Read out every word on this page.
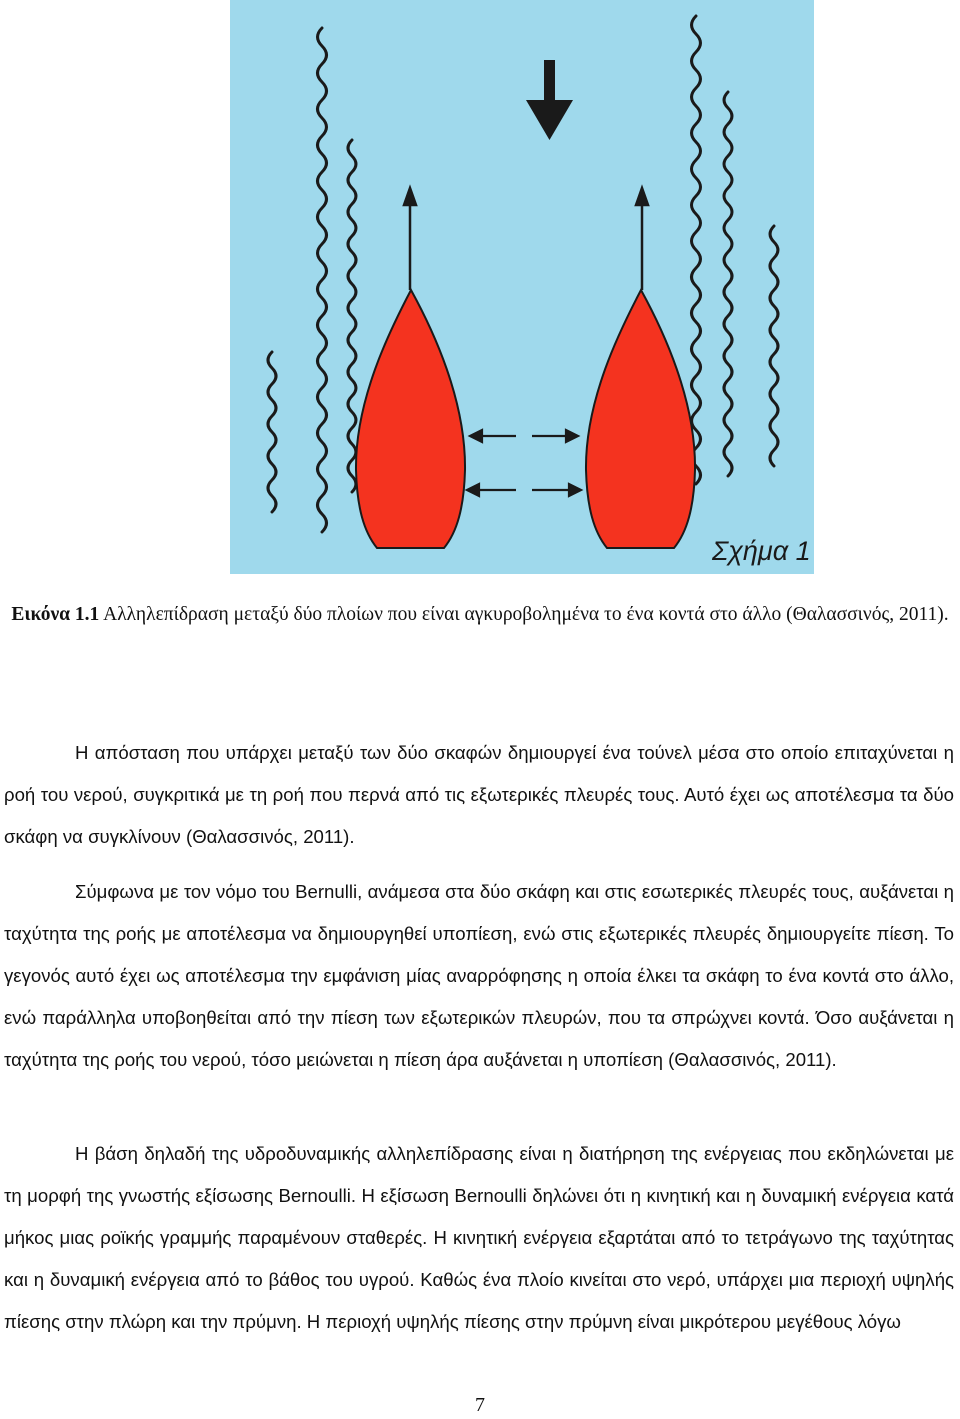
Σχήμα 1
Εικόνα 1.1 Αλληλεπίδραση μεταξύ δύο πλοίων που είναι αγκυροβολημένα το ένα κοντά στο άλλο (Θαλασσινός, 2011).

Η απόσταση που υπάρχει μεταξύ των δύο σκαφών δημιουργεί ένα τούνελ μέσα στο οποίο επιταχύνεται η ροή του νερού, συγκριτικά με τη ροή που περνά από τις εξωτερικές πλευρές τους. Αυτό έχει ως αποτέλεσμα τα δύο σκάφη να συγκλίνουν (Θαλασσινός, 2011).

Σύμφωνα με τον νόμο του Bernulli, ανάμεσα στα δύο σκάφη και στις εσωτερικές πλευρές τους, αυξάνεται η ταχύτητα της ροής με αποτέλεσμα να δημιουργηθεί υποπίεση, ενώ στις εξωτερικές πλευρές δημιουργείτε πίεση. Το γεγονός αυτό έχει ως αποτέλεσμα την εμφάνιση μίας αναρρόφησης η οποία έλκει τα σκάφη το ένα κοντά στο άλλο, ενώ παράλληλα υποβοηθείται από την πίεση των εξωτερικών πλευρών, που τα σπρώχνει κοντά. Όσο αυξάνεται η ταχύτητα της ροής του νερού, τόσο μειώνεται η πίεση άρα αυξάνεται η υποπίεση (Θαλασσινός, 2011).

Η βάση δηλαδή της υδροδυναμικής αλληλεπίδρασης είναι η διατήρηση της ενέργειας που εκδηλώνεται με τη μορφή της γνωστής εξίσωσης Bernoulli. Η εξίσωση Bernoulli δηλώνει ότι η κινητική και η δυναμική ενέργεια κατά μήκος μιας ροϊκής γραμμής παραμένουν σταθερές. Η κινητική ενέργεια εξαρτάται από το τετράγωνο της ταχύτητας και η δυναμική ενέργεια από το βάθος του υγρού. Καθώς ένα πλοίο κινείται στο νερό, υπάρχει μια περιοχή υψηλής πίεσης στην πλώρη και την πρύμνη. Η περιοχή υψηλής πίεσης στην πρύμνη είναι μικρότερου μεγέθους λόγω

7
